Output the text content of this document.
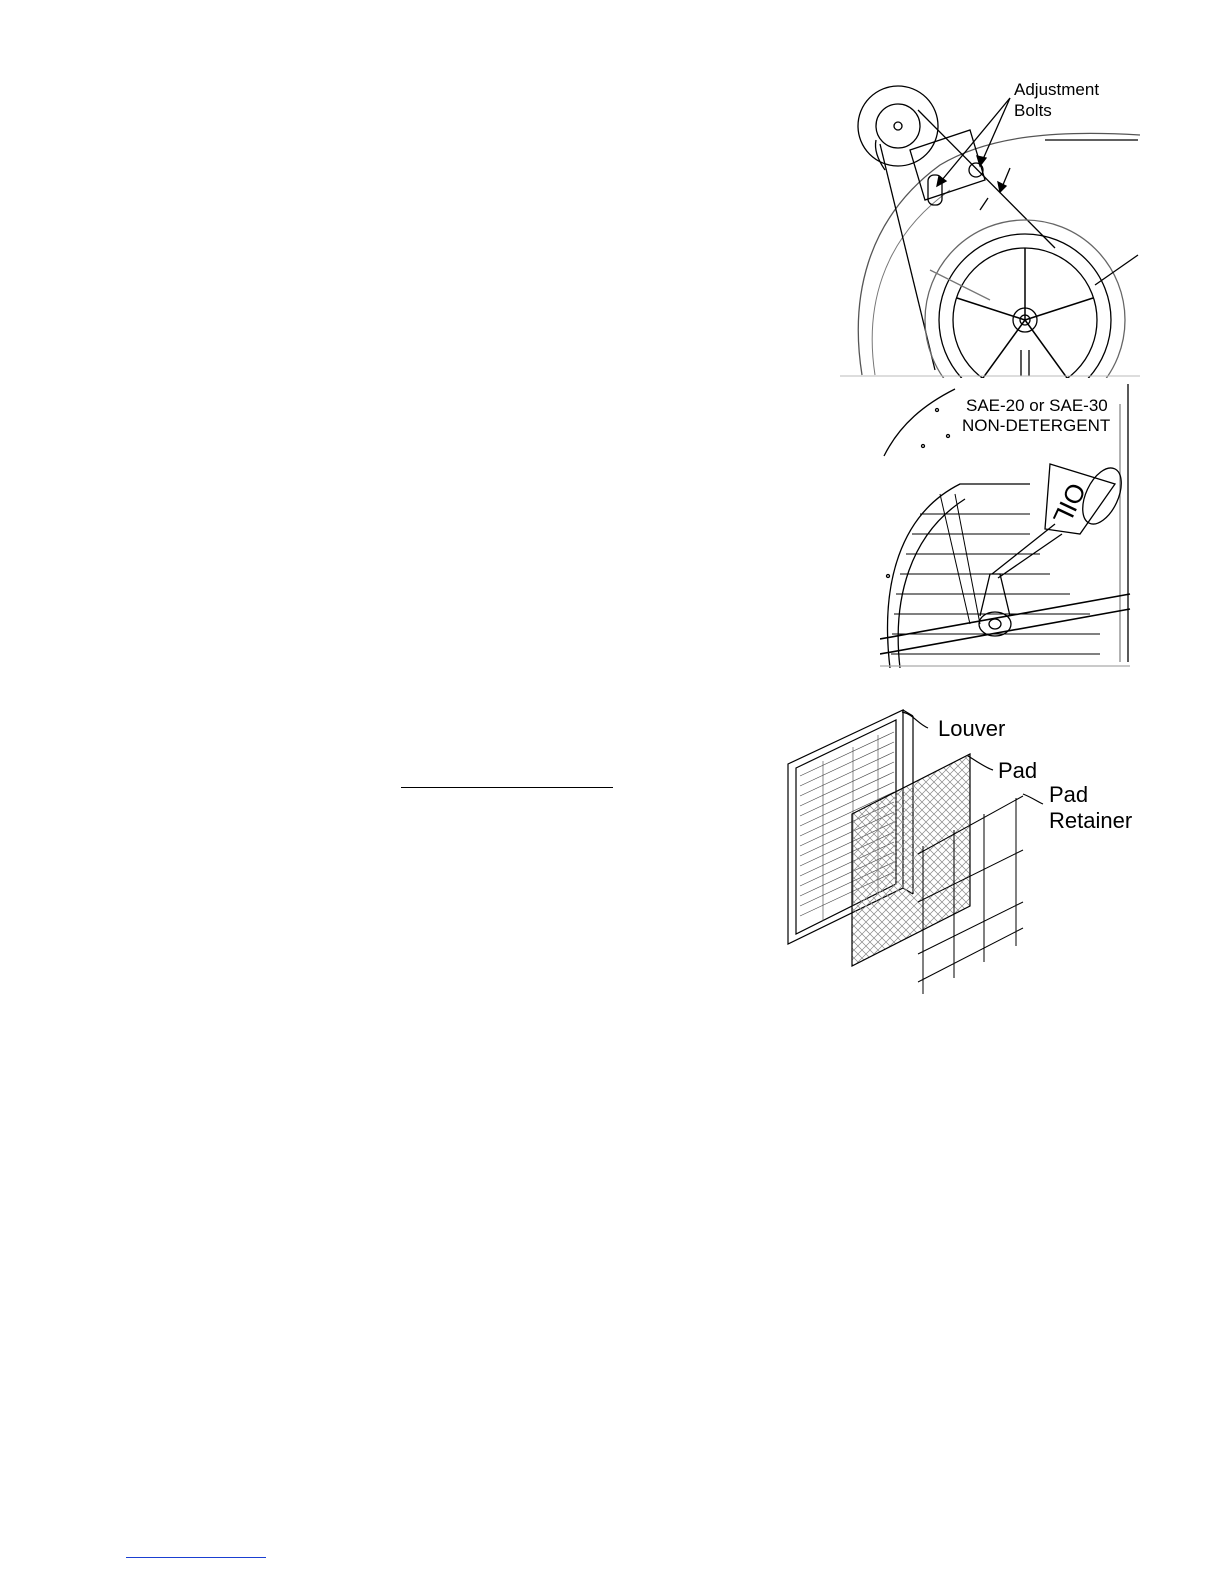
Adjustment
Bolts
SAE-20 or SAE-30
NON-DETERGENT
OIL
Louver
Pad
Pad
Retainer
